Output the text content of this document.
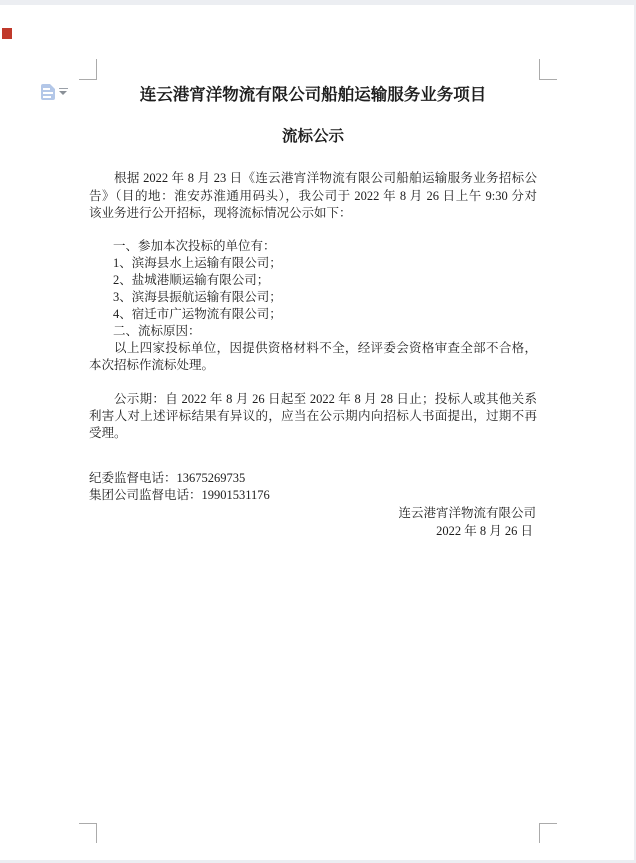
连云港宵洋物流有限公司船舶运输服务业务项目
流标公示
根据 2022 年 8 月 23 日《连云港宵洋物流有限公司船舶运输服务业务招标公
告》（目的地：淮安苏淮通用码头），我公司于 2022 年 8 月 26 日上午 9:30 分对
该业务进行公开招标，现将流标情况公示如下：
一、参加本次投标的单位有：
1、滨海县水上运输有限公司；
2、盐城港顺运输有限公司；
3、滨海县振航运输有限公司；
4、宿迁市广运物流有限公司；
二、流标原因：
以上四家投标单位，因提供资格材料不全，经评委会资格审查全部不合格，
本次招标作流标处理。
公示期：自 2022 年 8 月 26 日起至 2022 年 8 月 28 日止；投标人或其他关系
利害人对上述评标结果有异议的，应当在公示期内向招标人书面提出，过期不再
受理。
纪委监督电话：13675269735
集团公司监督电话：19901531176
连云港宵洋物流有限公司
2022 年 8 月 26 日
